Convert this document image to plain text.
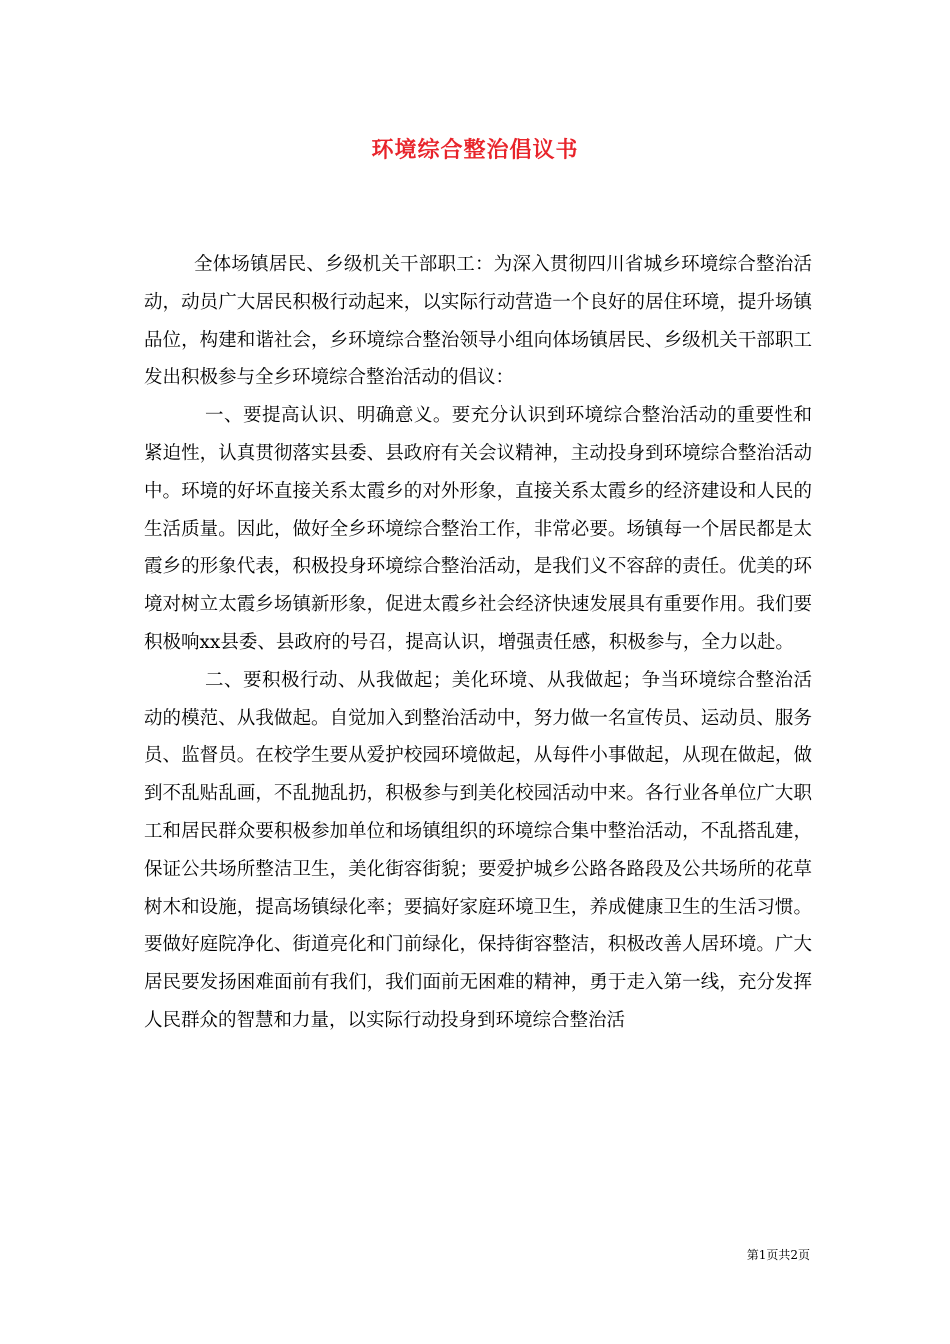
环境综合整治倡议书

全体场镇居民、乡级机关干部职工：为深入贯彻四川省城乡环境综合整治活动，动员广大居民积极行动起来，以实际行动营造一个良好的居住环境，提升场镇品位，构建和谐社会，乡环境综合整治领导小组向体场镇居民、乡级机关干部职工发出积极参与全乡环境综合整治活动的倡议：

一、要提高认识、明确意义。要充分认识到环境综合整治活动的重要性和紧迫性，认真贯彻落实县委、县政府有关会议精神，主动投身到环境综合整治活动中。环境的好坏直接关系太霞乡的对外形象，直接关系太霞乡的经济建设和人民的生活质量。因此，做好全乡环境综合整治工作，非常必要。场镇每一个居民都是太霞乡的形象代表，积极投身环境综合整治活动，是我们义不容辞的责任。优美的环境对树立太霞乡场镇新形象，促进太霞乡社会经济快速发展具有重要作用。我们要积极响xx县委、县政府的号召，提高认识，增强责任感，积极参与，全力以赴。

二、要积极行动、从我做起；美化环境、从我做起；争当环境综合整治活动的模范、从我做起。自觉加入到整治活动中，努力做一名宣传员、运动员、服务员、监督员。在校学生要从爱护校园环境做起，从每件小事做起，从现在做起，做到不乱贴乱画，不乱抛乱扔，积极参与到美化校园活动中来。各行业各单位广大职工和居民群众要积极参加单位和场镇组织的环境综合集中整治活动，不乱搭乱建，保证公共场所整洁卫生，美化街容街貌；要爱护城乡公路各路段及公共场所的花草树木和设施，提高场镇绿化率；要搞好家庭环境卫生，养成健康卫生的生活习惯。要做好庭院净化、街道亮化和门前绿化，保持街容整洁，积极改善人居环境。广大居民要发扬困难面前有我们，我们面前无困难的精神，勇于走入第一线，充分发挥人民群众的智慧和力量，以实际行动投身到环境综合整治活

第1页共2页
